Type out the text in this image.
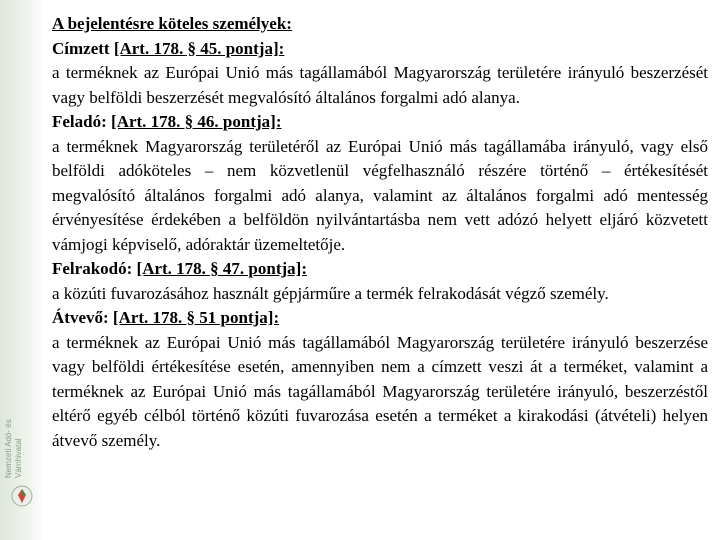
Nemzeti Adó- és Vámhivatal

A bejelentésre köteles személyek:

Címzett [Art. 178. § 45. pontja]:

a terméknek az Európai Unió más tagállamából Magyarország területére irányuló beszerzését vagy belföldi beszerzését megvalósító általános forgalmi adó alanya.

Feladó: [Art. 178. § 46. pontja]:

a terméknek Magyarország területéről az Európai Unió más tagállamába irányuló, vagy első belföldi adóköteles – nem közvetlenül végfelhasználó részére történő – értékesítését megvalósító általános forgalmi adó alanya, valamint az általános forgalmi adó mentesség érvényesítése érdekében a belföldön nyilvántartásba nem vett adózó helyett eljáró közvetett vámjogi képviselő, adóraktár üzemeltetője.

Felrakodó: [Art. 178. § 47. pontja]:

a közúti fuvarozásához használt gépjárműre a termék felrakodását végző személy.

Átvevő: [Art. 178. § 51 pontja]:

a terméknek az Európai Unió más tagállamából Magyarország területére irányuló beszerzése vagy belföldi értékesítése esetén, amennyiben nem a címzett veszi át a terméket, valamint a terméknek az Európai Unió más tagállamából Magyarország területére irányuló, beszerzéstől eltérő egyéb célból történő közúti fuvarozása esetén a terméket a kirakodási (átvételi) helyen átvevő személy.
